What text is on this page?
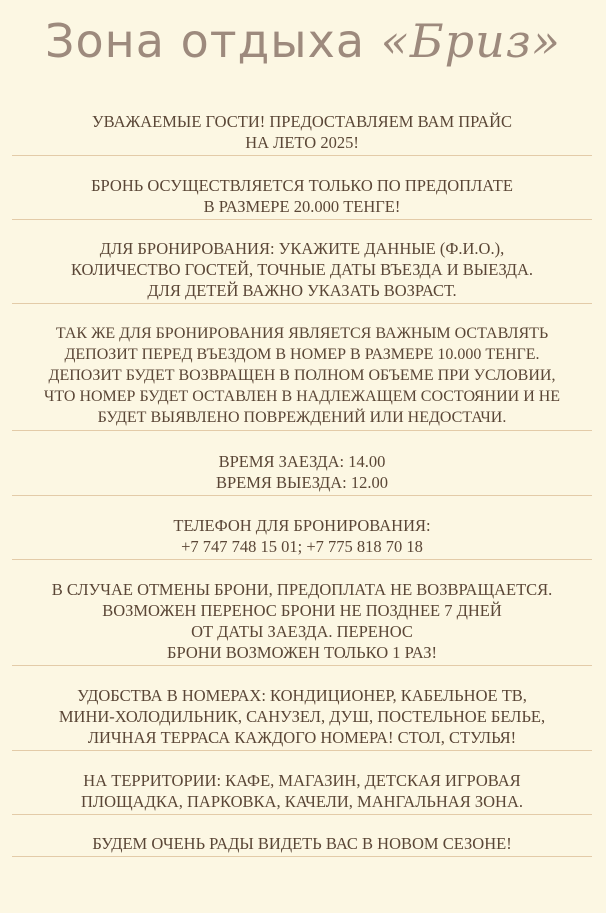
Зона отдыха «Бриз»
УВАЖАЕМЫЕ ГОСТИ! ПРЕДОСТАВЛЯЕМ ВАМ ПРАЙС
НА ЛЕТО 2025!
БРОНЬ ОСУЩЕСТВЛЯЕТСЯ ТОЛЬКО ПО ПРЕДОПЛАТЕ
В РАЗМЕРЕ 20.000 ТЕНГЕ!
ДЛЯ БРОНИРОВАНИЯ: УКАЖИТЕ ДАННЫЕ (Ф.И.О.),
КОЛИЧЕСТВО ГОСТЕЙ, ТОЧНЫЕ ДАТЫ ВЪЕЗДА И ВЫЕЗДА.
ДЛЯ ДЕТЕЙ ВАЖНО УКАЗАТЬ ВОЗРАСТ.
ТАК ЖЕ ДЛЯ БРОНИРОВАНИЯ ЯВЛЯЕТСЯ ВАЖНЫМ ОСТАВЛЯТЬ
ДЕПОЗИТ ПЕРЕД ВЪЕЗДОМ В НОМЕР В РАЗМЕРЕ 10.000 ТЕНГЕ.
ДЕПОЗИТ БУДЕТ ВОЗВРАЩЕН В ПОЛНОМ ОБЪЕМЕ ПРИ УСЛОВИИ,
ЧТО НОМЕР БУДЕТ ОСТАВЛЕН В НАДЛЕЖАЩЕМ СОСТОЯНИИ И НЕ
БУДЕТ ВЫЯВЛЕНО ПОВРЕЖДЕНИЙ ИЛИ НЕДОСТАЧИ.
ВРЕМЯ ЗАЕЗДА: 14.00
ВРЕМЯ ВЫЕЗДА: 12.00
ТЕЛЕФОН ДЛЯ БРОНИРОВАНИЯ:
+7 747 748 15 01; +7 775 818 70 18
В СЛУЧАЕ ОТМЕНЫ БРОНИ, ПРЕДОПЛАТА НЕ ВОЗВРАЩАЕТСЯ.
ВОЗМОЖЕН ПЕРЕНОС БРОНИ НЕ ПОЗДНЕЕ 7 ДНЕЙ
ОТ ДАТЫ ЗАЕЗДА. ПЕРЕНОС
БРОНИ ВОЗМОЖЕН ТОЛЬКО 1 РАЗ!
УДОБСТВА В НОМЕРАХ: КОНДИЦИОНЕР, КАБЕЛЬНОЕ ТВ,
МИНИ-ХОЛОДИЛЬНИК, САНУЗЕЛ, ДУШ, ПОСТЕЛЬНОЕ БЕЛЬЕ,
ЛИЧНАЯ ТЕРРАСА КАЖДОГО НОМЕРА! СТОЛ, СТУЛЬЯ!
НА ТЕРРИТОРИИ: КАФЕ, МАГАЗИН, ДЕТСКАЯ ИГРОВАЯ
ПЛОЩАДКА, ПАРКОВКА, КАЧЕЛИ, МАНГАЛЬНАЯ ЗОНА.
БУДЕМ ОЧЕНЬ РАДЫ ВИДЕТЬ ВАС В НОВОМ СЕЗОНЕ!
